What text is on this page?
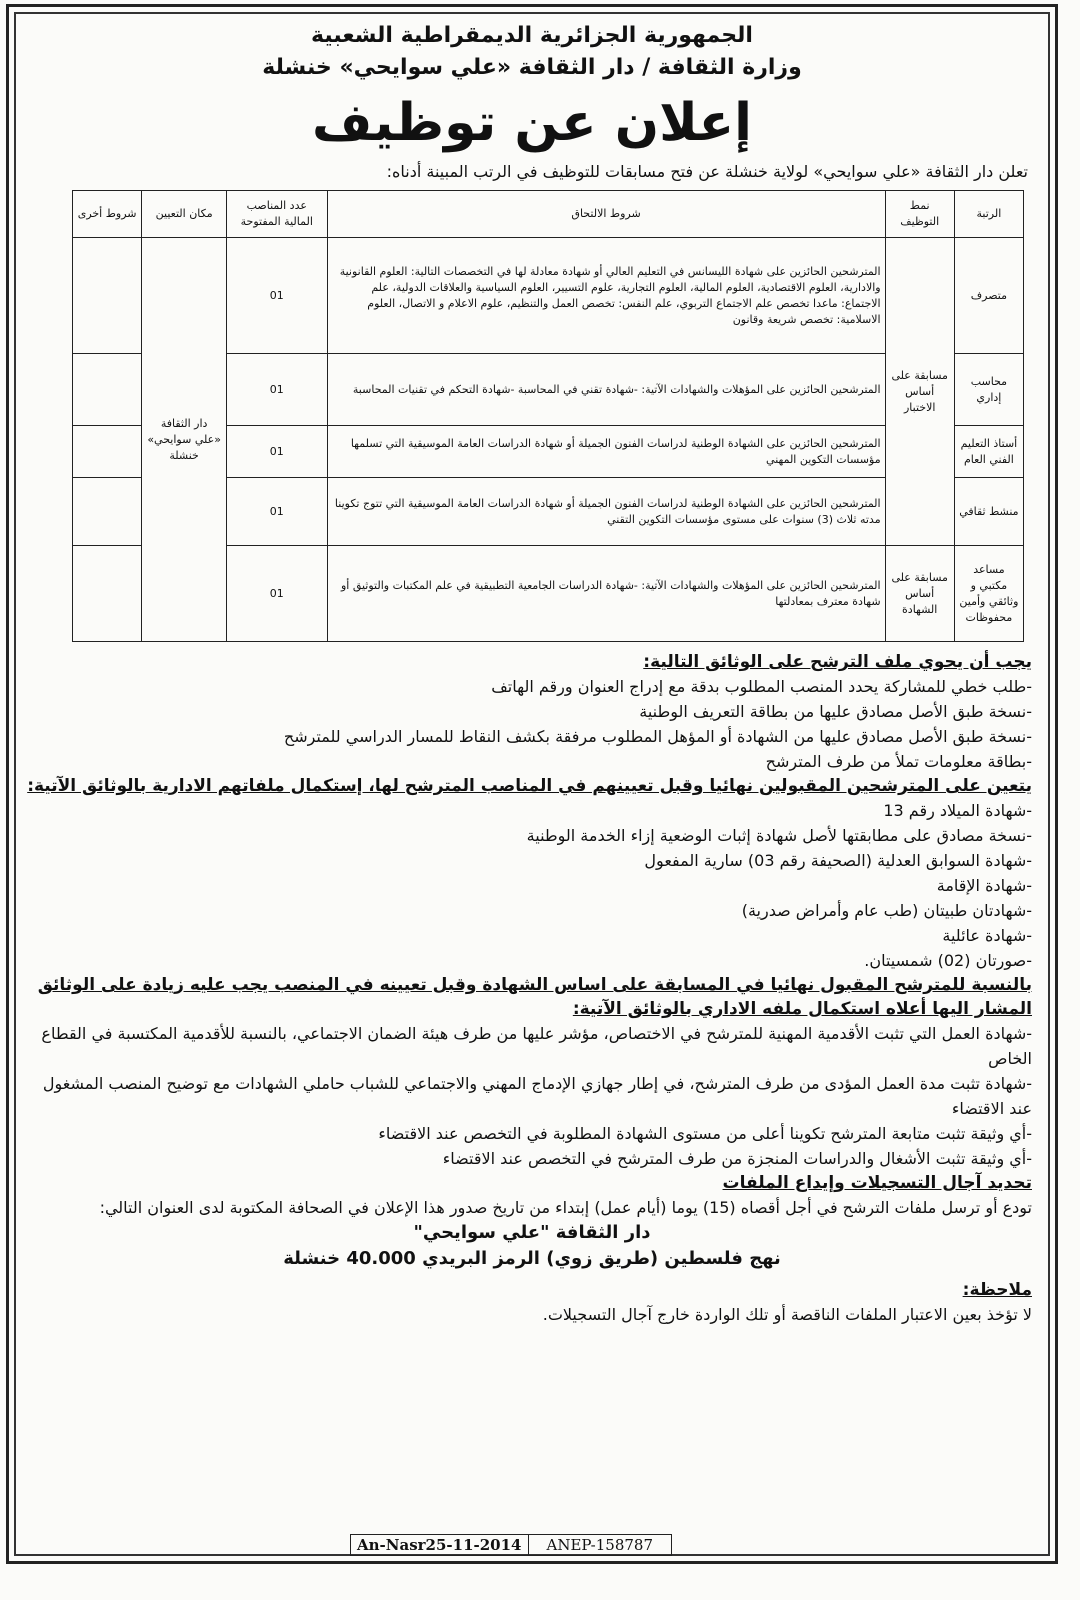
الجمهورية الجزائرية الديمقراطية الشعبية
وزارة الثقافة / دار الثقافة «علي سوايحي» خنشلة
إعلان عن توظيف
تعلن دار الثقافة «علي سوايحي» لولاية خنشلة عن فتح مسابقات للتوظيف في الرتب المبينة أدناه:
الرتبة	نمط التوظيف	شروط الالتحاق	عدد المناصب المالية المفتوحة	مكان التعيين	شروط أخرى
متصرف	مسابقة على أساس الاختبار	المترشحين الحائزين على شهادة الليسانس في التعليم العالي أو شهادة معادلة لها في التخصصات التالية: العلوم القانونية والادارية، العلوم الاقتصادية، العلوم المالية، العلوم التجارية، علوم التسيير، العلوم السياسية والعلاقات الدولية، علم الاجتماع: ماعدا تخصص علم الاجتماع التربوي، علم النفس: تخصص العمل والتنظيم، علوم الاعلام و الاتصال، العلوم الاسلامية: تخصص شريعة وقانون	01	دار الثقافة «علي سوايحي» خنشلة	
محاسب إداري		المترشحين الحائزين على المؤهلات والشهادات الآتية: -شهادة تقني في المحاسبة -شهادة التحكم في تقنيات المحاسبة	01		
أستاذ التعليم الفني العام		المترشحين الحائزين على الشهادة الوطنية لدراسات الفنون الجميلة أو شهادة الدراسات العامة الموسيقية التي تسلمها مؤسسات التكوين المهني	01		
منشط ثقافي		المترشحين الحائزين على الشهادة الوطنية لدراسات الفنون الجميلة أو شهادة الدراسات العامة الموسيقية التي تتوج تكوينا مدته ثلاث (3) سنوات على مستوى مؤسسات التكوين التقني	01		
مساعد مكتبي و وثائقي وأمين محفوظات	مسابقة على أساس الشهادة	المترشحين الحائزين على المؤهلات والشهادات الآتية: -شهادة الدراسات الجامعية التطبيقية في علم المكتبات والتوثيق أو شهادة معترف بمعادلتها	01		
يجب أن يحوي ملف الترشح على الوثائق التالية:
-طلب خطي للمشاركة يحدد المنصب المطلوب بدقة مع إدراج العنوان ورقم الهاتف
-نسخة طبق الأصل مصادق عليها من بطاقة التعريف الوطنية
-نسخة طبق الأصل مصادق عليها من الشهادة أو المؤهل المطلوب مرفقة بكشف النقاط للمسار الدراسي للمترشح
-بطاقة معلومات تملأ من طرف المترشح
يتعين على المترشحين المقبولين نهائيا وقبل تعيينهم في المناصب المترشح لها، إستكمال ملفاتهم الادارية بالوثائق الآتية:
-شهادة الميلاد رقم 13
-نسخة مصادق على مطابقتها لأصل شهادة إثبات الوضعية إزاء الخدمة الوطنية
-شهادة السوابق العدلية (الصحيفة رقم 03) سارية المفعول
-شهادة الإقامة
-شهادتان طبيتان (طب عام وأمراض صدرية)
-شهادة عائلية
-صورتان (02) شمسيتان.
بالنسبة للمترشح المقبول نهائيا في المسابقة على اساس الشهادة وقبل تعيينه في المنصب يجب عليه زيادة على الوثائق المشار اليها أعلاه استكمال ملفه الاداري بالوثائق الآتية:
-شهادة العمل التي تثبت الأقدمية المهنية للمترشح في الاختصاص، مؤشر عليها من طرف هيئة الضمان الاجتماعي، بالنسبة للأقدمية المكتسبة في القطاع الخاص
-شهادة تثبت مدة العمل المؤدى من طرف المترشح، في إطار جهازي الإدماج المهني والاجتماعي للشباب حاملي الشهادات مع توضيح المنصب المشغول عند الاقتضاء
-أي وثيقة تثبت متابعة المترشح تكوينا أعلى من مستوى الشهادة المطلوبة في التخصص عند الاقتضاء
-أي وثيقة تثبت الأشغال والدراسات المنجزة من طرف المترشح في التخصص عند الاقتضاء
تحديد آجال التسجيلات وإيداع الملفات
تودع أو ترسل ملفات الترشح في أجل أقصاه (15) يوما (أيام عمل) إبتداء من تاريخ صدور هذا الإعلان في الصحافة المكتوبة لدى العنوان التالي:
دار الثقافة "علي سوايحي"
نهج فلسطين (طريق زوي) الرمز البريدي 40.000 خنشلة
ملاحظة:
لا تؤخذ بعين الاعتبار الملفات الناقصة أو تلك الواردة خارج آجال التسجيلات.
An-Nasr25-11-2014 ANEP-158787
